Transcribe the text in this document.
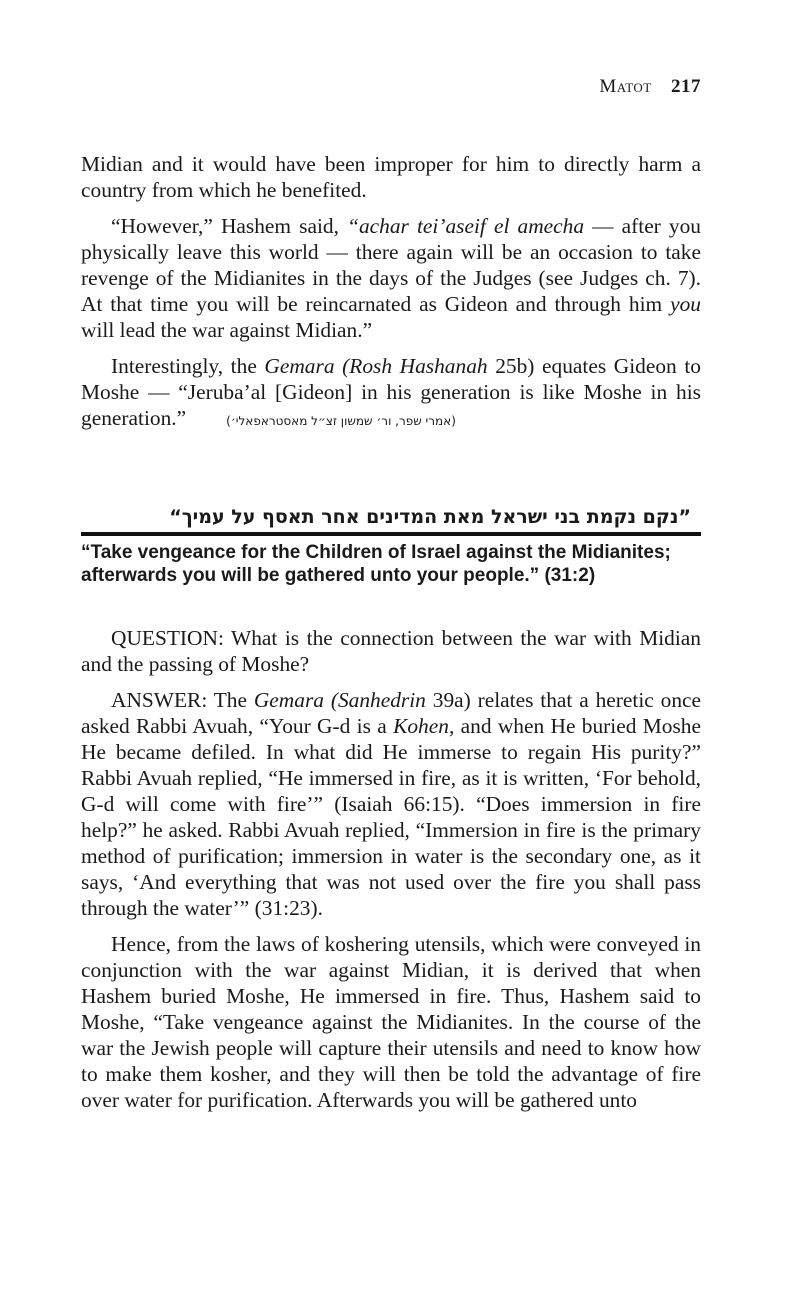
Matot 217

Midian and it would have been improper for him to directly harm a country from which he benefited.

“However,” Hashem said, “achar tei’aseif el amecha — after you physically leave this world — there again will be an occasion to take revenge of the Midianites in the days of the Judges (see Judges ch. 7). At that time you will be reincarnated as Gideon and through him you will lead the war against Midian.”

Interestingly, the Gemara (Rosh Hashanah 25b) equates Gideon to Moshe — “Jeruba’al [Gideon] in his generation is like Moshe in his generation.”	(אמרי שפר, ור׳ שמשון זצ״ל מאסטראפאלי׳)

”נקם נקמת בני ישראל מאת המדינים אחר תאסף על עמיך“
“Take vengeance for the Children of Israel against the Midianites; afterwards you will be gathered unto your people.” (31:2)

QUESTION: What is the connection between the war with Midian and the passing of Moshe?

ANSWER: The Gemara (Sanhedrin 39a) relates that a heretic once asked Rabbi Avuah, “Your G-d is a Kohen, and when He buried Moshe He became defiled. In what did He immerse to regain His purity?” Rabbi Avuah replied, “He immersed in fire, as it is written, ‘For behold, G-d will come with fire’” (Isaiah 66:15). “Does immersion in fire help?” he asked. Rabbi Avuah replied, “Immersion in fire is the primary method of purification; immersion in water is the secondary one, as it says, ‘And everything that was not used over the fire you shall pass through the water’” (31:23).

Hence, from the laws of koshering utensils, which were conveyed in conjunction with the war against Midian, it is derived that when Hashem buried Moshe, He immersed in fire. Thus, Hashem said to Moshe, “Take vengeance against the Midianites. In the course of the war the Jewish people will capture their utensils and need to know how to make them kosher, and they will then be told the advantage of fire over water for purification. Afterwards you will be gathered unto
